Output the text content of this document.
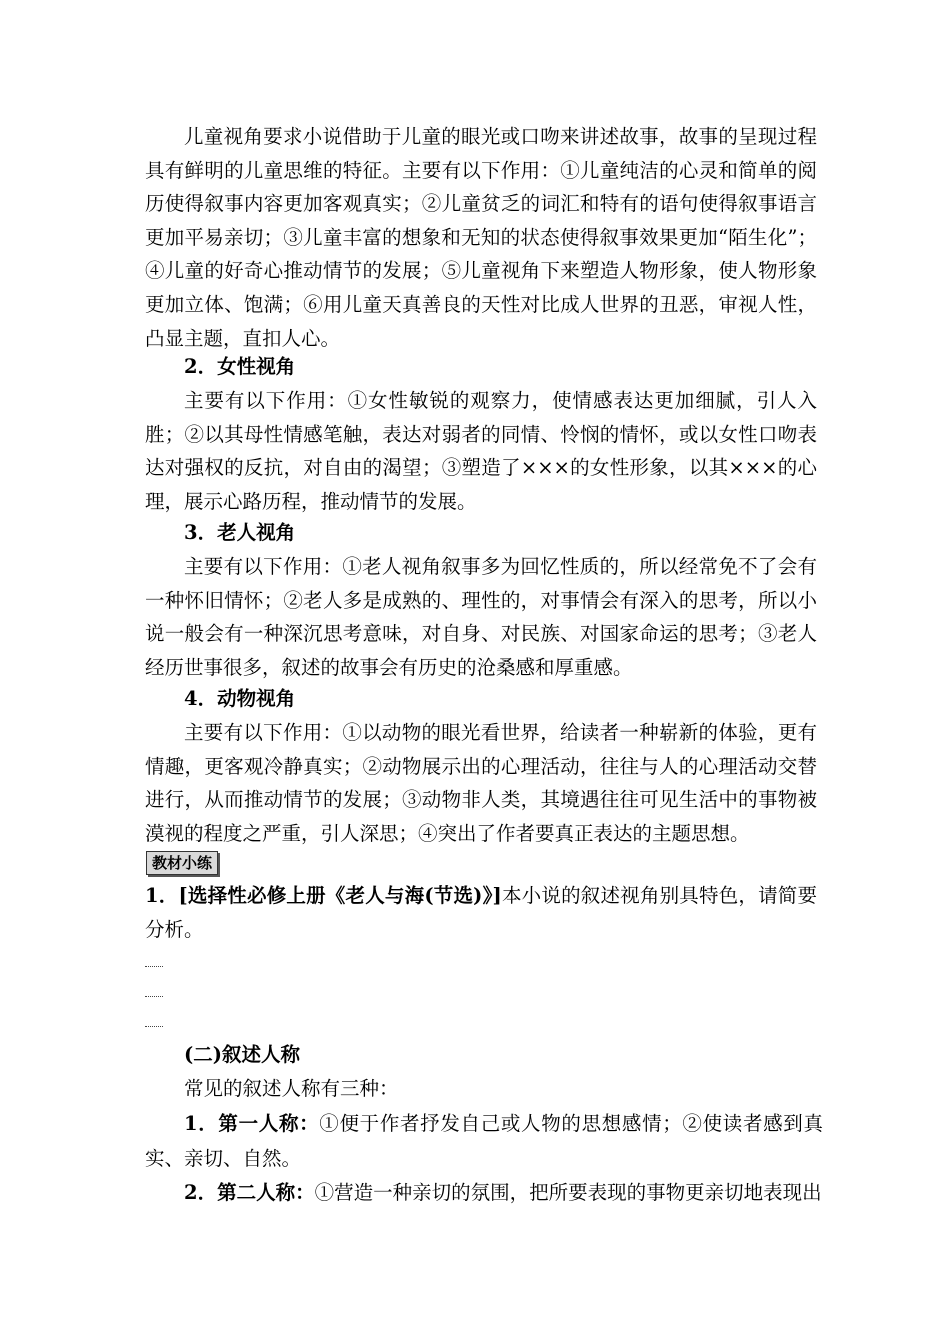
儿童视角要求小说借助于儿童的眼光或口吻来讲述故事，故事的呈现过程具有鲜明的儿童思维的特征。主要有以下作用：①儿童纯洁的心灵和简单的阅历使得叙事内容更加客观真实；②儿童贫乏的词汇和特有的语句使得叙事语言更加平易亲切；③儿童丰富的想象和无知的状态使得叙事效果更加“陌生化”；④儿童的好奇心推动情节的发展；⑤儿童视角下来塑造人物形象，使人物形象更加立体、饱满；⑥用儿童天真善良的天性对比成人世界的丑恶，审视人性，凸显主题，直扣人心。

2．女性视角

主要有以下作用：①女性敏锐的观察力，使情感表达更加细腻，引人入胜；②以其母性情感笔触，表达对弱者的同情、怜悯的情怀，或以女性口吻表达对强权的反抗，对自由的渴望；③塑造了×××的女性形象，以其×××的心理，展示心路历程，推动情节的发展。

3．老人视角

主要有以下作用：①老人视角叙事多为回忆性质的，所以经常免不了会有一种怀旧情怀；②老人多是成熟的、理性的，对事情会有深入的思考，所以小说一般会有一种深沉思考意味，对自身、对民族、对国家命运的思考；③老人经历世事很多，叙述的故事会有历史的沧桑感和厚重感。

4．动物视角

主要有以下作用：①以动物的眼光看世界，给读者一种崭新的体验，更有情趣，更客观冷静真实；②动物展示出的心理活动，往往与人的心理活动交替进行，从而推动情节的发展；③动物非人类，其境遇往往可见生活中的事物被漠视的程度之严重，引人深思；④突出了作者要真正表达的主题思想。

教材小练

1．[选择性必修上册《老人与海(节选)》]本小说的叙述视角别具特色，请简要分析。

(二)叙述人称

常见的叙述人称有三种：

1．第一人称：①便于作者抒发自己或人物的思想感情；②使读者感到真实、亲切、自然。

2．第二人称：①营造一种亲切的氛围，把所要表现的事物更亲切地表现出
